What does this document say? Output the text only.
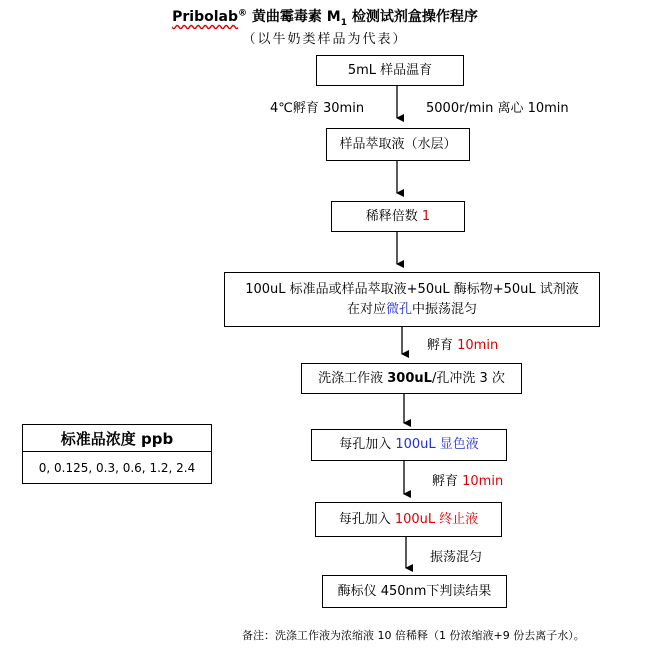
Pribolab® 黄曲霉毒素 $M_1$ 检测试剂盒操作程序
（以牛奶类样品为代表）
5mL 样品温育
样品萃取液（水层）
稀释倍数 1
100uL 标准品或样品萃取液+50uL 酶标物+50uL 试剂液
在对应微孔中振荡混匀
洗涤工作液 300uL/孔冲洗 3 次
每孔加入 100uL 显色液
每孔加入 100uL 终止液
酶标仪 450nm下判读结果
4℃孵育 30min	5000r/min 离心 10min
孵育 10min
孵育 10min
振荡混匀
标准品浓度 ppb
0, 0.125, 0.3, 0.6, 1.2, 2.4
备注：洗涤工作液为浓缩液 10 倍稀释（1 份浓缩液+9 份去离子水）。
